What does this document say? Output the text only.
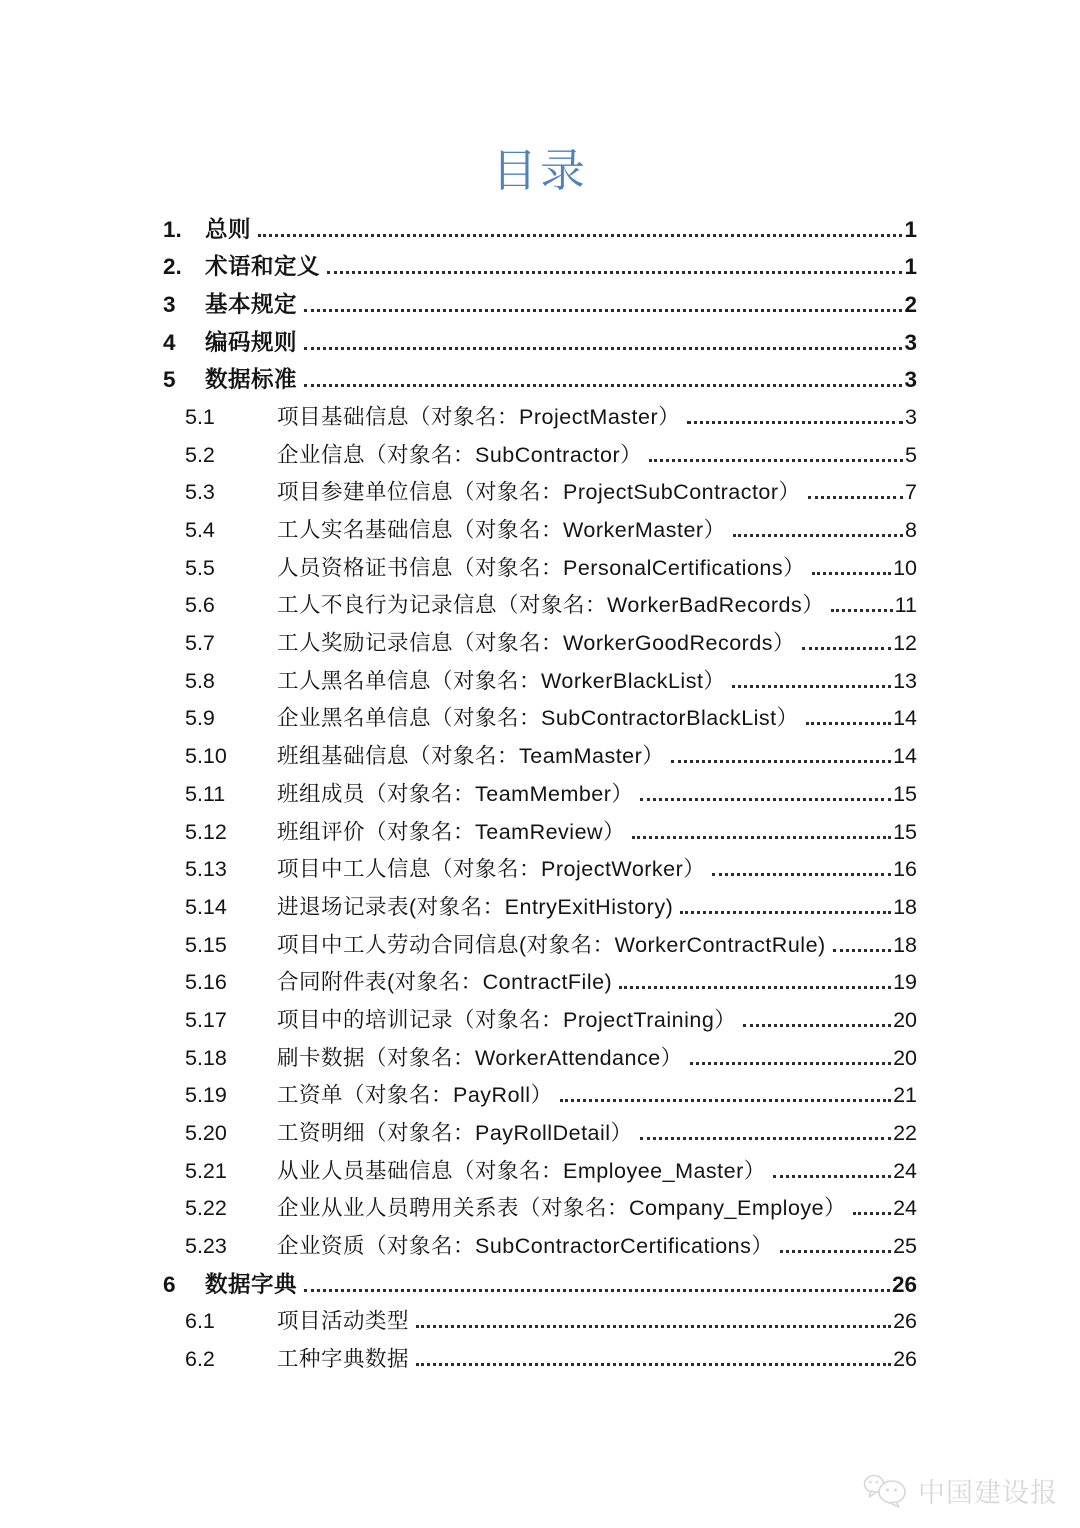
目录
1.	总则	1
2.	术语和定义	1
3	基本规定	2
4	编码规则	3
5	数据标准	3
5.1	项目基础信息（对象名：ProjectMaster）	3
5.2	企业信息（对象名：SubContractor）	5
5.3	项目参建单位信息（对象名：ProjectSubContractor）	7
5.4	工人实名基础信息（对象名：WorkerMaster）	8
5.5	人员资格证书信息（对象名：PersonalCertifications）	10
5.6	工人不良行为记录信息（对象名：WorkerBadRecords）	11
5.7	工人奖励记录信息（对象名：WorkerGoodRecords）	12
5.8	工人黑名单信息（对象名：WorkerBlackList）	13
5.9	企业黑名单信息（对象名：SubContractorBlackList）	14
5.10	班组基础信息（对象名：TeamMaster）	14
5.11	班组成员（对象名：TeamMember）	15
5.12	班组评价（对象名：TeamReview）	15
5.13	项目中工人信息（对象名：ProjectWorker）	16
5.14	进退场记录表(对象名：EntryExitHistory)	18
5.15	项目中工人劳动合同信息(对象名：WorkerContractRule)	18
5.16	合同附件表(对象名：ContractFile)	19
5.17	项目中的培训记录（对象名：ProjectTraining）	20
5.18	刷卡数据（对象名：WorkerAttendance）	20
5.19	工资单（对象名：PayRoll）	21
5.20	工资明细（对象名：PayRollDetail）	22
5.21	从业人员基础信息（对象名：Employee_Master）	24
5.22	企业从业人员聘用关系表（对象名：Company_Employe） 24
5.23	企业资质（对象名：SubContractorCertifications）	25
6	数据字典	26
6.1	项目活动类型	26
6.2	工种字典数据	26
中国建设报
